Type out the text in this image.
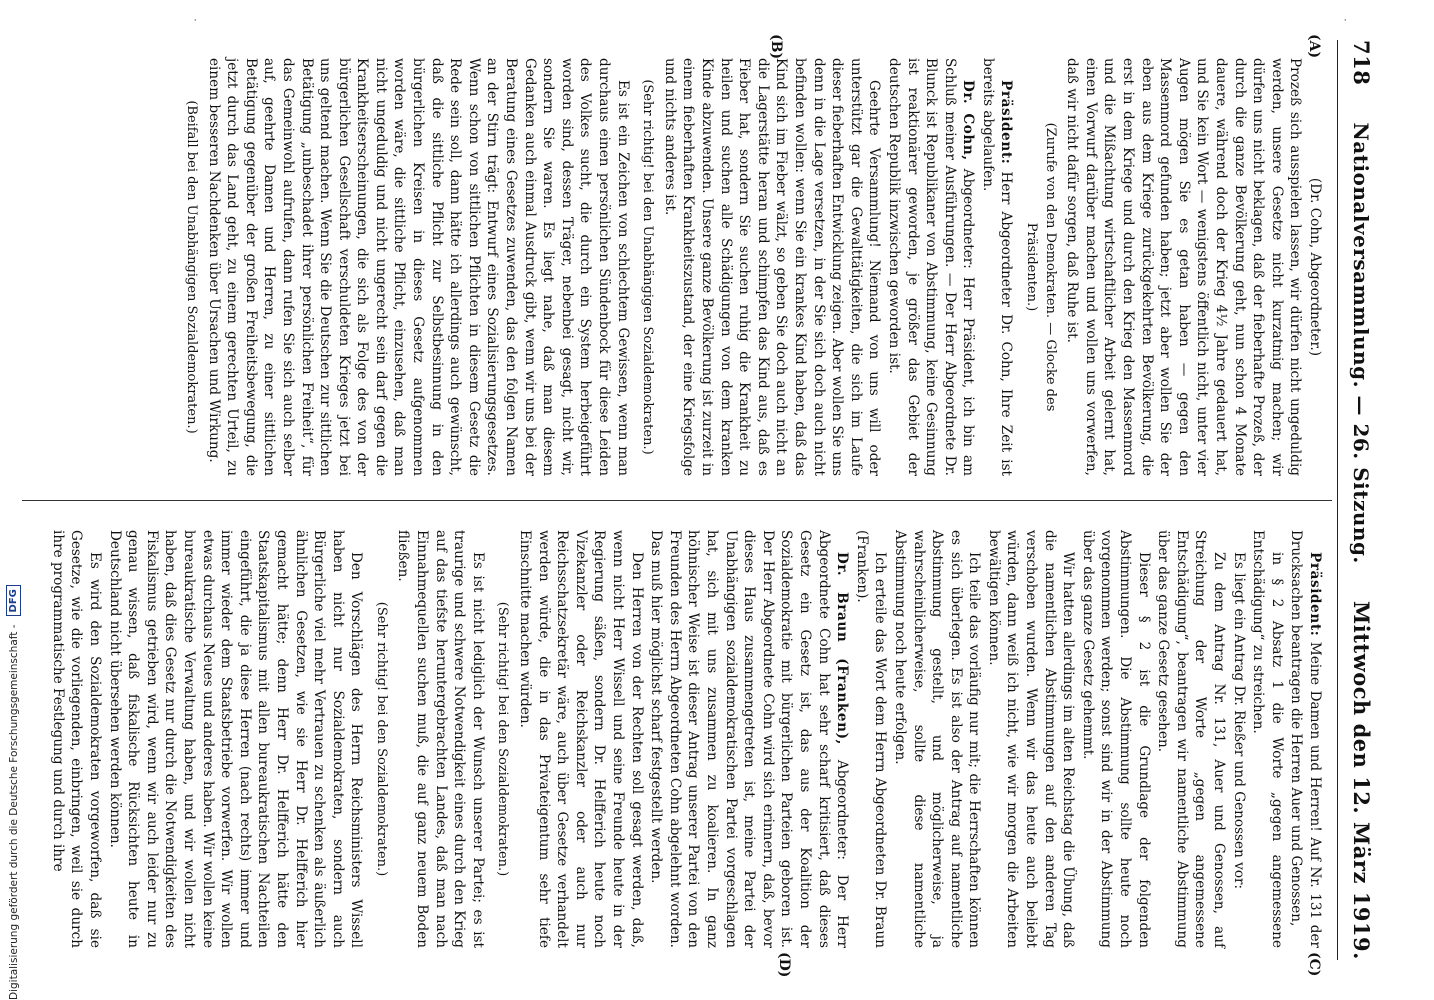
·
·
718
Nationalversammlung. — 26. Sitzung.
Mittwoch den 12. März 1919.
(A)
(B)
(C)
(D)

(Dr. Cohn, Abgeordneter.)

Prozeß sich ausspielen lassen, wir dürfen nicht ungeduldig werden, unsere Gesetze nicht kurzatmig machen; wir dürfen uns nicht beklagen, daß der fieberhafte Prozeß, der durch die ganze Bevölkerung geht, nun schon 4 Monate dauere, während doch der Krieg 4½ Jahre gedauert hat, und Sie kein Wort — wenigstens öffentlich nicht, unter vier Augen mögen Sie es getan haben — gegen den Massenmord gefunden haben; jetzt aber wollen Sie der eben aus dem Kriege zurückgekehrten Bevölkerung, die erst in dem Kriege und durch den Krieg den Massenmord und die Mißachtung wirtschaftlicher Arbeit gelernt hat, einen Vorwurf darüber machen und wollen uns vorwerfen, daß wir nicht dafür sorgen, daß Ruhe ist.

(Zurufe von den Demokraten. — Glocke des Präsidenten.)

Präsident: Herr Abgeordneter Dr. Cohn, Ihre Zeit ist bereits abgelaufen.

Dr. Cohn, Abgeordneter: Herr Präsident, ich bin am Schluß meiner Ausführungen. — Der Herr Abgeordnete Dr. Blunck ist Republikaner von Abstimmung, keine Gesinnung ist reaktionärer geworden, je größer das Gebiet der deutschen Republik inzwischen geworden ist.

Geehrte Versammlung! Niemand von uns will oder unterstützt gar die Gewalttätigkeiten, die sich im Laufe dieser fieberhaften Entwicklung zeigen. Aber wollen Sie uns denn in die Lage versetzen, in der Sie sich doch auch nicht befinden wollen: wenn Sie ein krankes Kind haben, daß das Kind sich im Fieber wälzt, so geben Sie doch auch nicht an die Lagerstätte heran und schimpfen das Kind aus, daß es Fieber hat, sondern Sie suchen ruhig die Krankheit zu heilen und suchen alle Schädigungen von dem kranken Kinde abzuwenden. Unsere ganze Bevölkerung ist zurzeit in einem fieberhaften Krankheitszustand, der eine Kriegsfolge und nichts anderes ist.

(Sehr richtig! bei den Unabhängigen Sozialdemokraten.)

Es ist ein Zeichen von schlechtem Gewissen, wenn man durchaus einen persönlichen Sündenbock für diese Leiden des Volkes sucht, die durch ein System herbeigeführt worden sind, dessen Träger, nebenbei gesagt, nicht wir, sondern Sie waren. Es liegt nahe, daß man diesem Gedanken auch einmal Ausdruck gibt, wenn wir uns bei der Beratung eines Gesetzes zuwenden, das den folgen Namen an der Stirn trägt: Entwurf eines Sozialisierungsgesetzes. Wenn schon von sittlichen Pflichten in diesem Gesetz die Rede sein soll, dann hätte ich allerdings auch gewünscht, daß die sittliche Pflicht zur Selbstbesinnung in den bürgerlichen Kreisen in dieses Gesetz aufgenommen worden wäre, die sittliche Pflicht, einzusehen, daß man nicht ungeduldig und nicht ungerecht sein darf gegen die Krankheitserscheinungen, die sich als Folge des von der bürgerlichen Gesellschaft verschuldeten Krieges jetzt bei uns geltend machen. Wenn Sie die Deutschen zur sittlichen Betätigung „unbeschadet ihrer persönlichen Freiheit“, für das Gemeinwohl aufrufen, dann rufen Sie sich auch selber auf, geehrte Damen und Herren, zu einer sittlichen Betätigung gegenüber der großen Freiheitsbewegung, die jetzt durch das Land geht, zu einem gerechten Urteil, zu einem besseren Nachdenken über Ursachen und Wirkung.

(Beifall bei den Unabhängigen Sozialdemokraten.)

Präsident: Meine Damen und Herren! Auf Nr. 131 der Drucksachen beantragen die Herren Auer und Genossen,

in § 2 Absatz 1 die Worte „gegen angemessene Entschädigung“ zu streichen.

Es liegt ein Antrag Dr. Rießer und Genossen vor:

Zu dem Antrag Nr. 131, Auer und Genossen, auf Streichung der Worte „gegen angemessene Entschädigung“, beantragen wir namentliche Abstimmung über das ganze Gesetz gesehen.

Dieser § 2 ist die Grundlage der folgenden Abstimmungen. Die Abstimmung sollte heute noch vorgenommen werden; sonst sind wir in der Abstimmung über das ganze Gesetz gehemmt.

Wir hatten allerdings im alten Reichstag die Übung, daß die namentlichen Abstimmungen auf den anderen Tag verschoben wurden. Wenn wir das heute auch beliebt würden, dann weiß ich nicht, wie wir morgen die Arbeiten bewältigen können.

Ich teile das vorläufig nur mit; die Herrschaften können es sich überlegen. Es ist also der Antrag auf namentliche Abstimmung gestellt, und möglicherweise, ja wahrscheinlicherweise, sollte diese namentliche Abstimmung noch heute erfolgen.

Ich erteile das Wort dem Herrn Abgeordneten Dr. Braun (Franken).

Dr. Braun (Franken), Abgeordneter: Der Herr Abgeordnete Cohn hat sehr scharf kritisiert, daß dieses Gesetz ein Gesetz ist, das aus der Koalition der Sozialdemokratie mit bürgerlichen Parteien geboren ist. Der Herr Abgeordnete Cohn wird sich erinnern, daß, bevor dieses Haus zusammengetreten ist, meine Partei der Unabhängigen sozialdemokratischen Partei vorgeschlagen hat, sich mit uns zusammen zu koalieren. In ganz höhnischer Weise ist dieser Antrag unserer Partei von den Freunden des Herrn Abgeordneten Cohn abgelehnt worden. Das muß hier möglichst scharf festgestellt werden.

Den Herren von der Rechten soll gesagt werden, daß, wenn nicht Herr Wissell und seine Freunde heute in der Regierung säßen, sondern Dr. Helfferich heute noch Vizekanzler oder Reichskanzler oder auch nur Reichsschatzsekretär wäre, auch über Gesetze verhandelt werden würde, die in das Privateigentum sehr tiefe Einschnitte machen würden.

(Sehr richtig! bei den Sozialdemokraten.)

Es ist nicht lediglich der Wunsch unserer Partei; es ist traurige und schwere Notwendigkeit eines durch den Krieg auf das tiefste heruntergebrachten Landes, daß man nach Einnahmequellen suchen muß, die auf ganz neuem Boden fließen.

(Sehr richtig! bei den Sozialdemokraten.)

Den Vorschlägen des Herrn Reichsministers Wissell haben nicht nur Sozialdemokraten, sondern auch Bürgerliche viel mehr Vertrauen zu schenken als äußerlich ähnlichen Gesetzen, wie sie Herr Dr. Helfferich hier gemacht hätte; denn Herr Dr. Helfferich hätte den Staatskapitalismus mit allen bureaukratischen Nachteilen eingeführt, die ja diese Herren (nach rechts) immer und immer wieder dem Staatsbetriebe vorwerfen. Wir wollen etwas durchaus Neues und anderes haben. Wir wollen keine bureaukratische Verwaltung haben, und wir wollen nicht haben, daß dies Gesetz nur durch die Notwendigkeiten des Fiskalismus getrieben wird, wenn wir auch leider nur zu genau wissen, daß fiskalische Rücksichten heute in Deutschland nicht übersehen werden können.

Es wird den Sozialdemokraten vorgeworfen, daß sie Gesetze, wie die vorliegenden, einbringen, weil sie durch ihre programmatische Festlegung und durch ihre

Digitalisierung gefördert durch die Deutsche Forschungsgemeinschaft -
DFG
